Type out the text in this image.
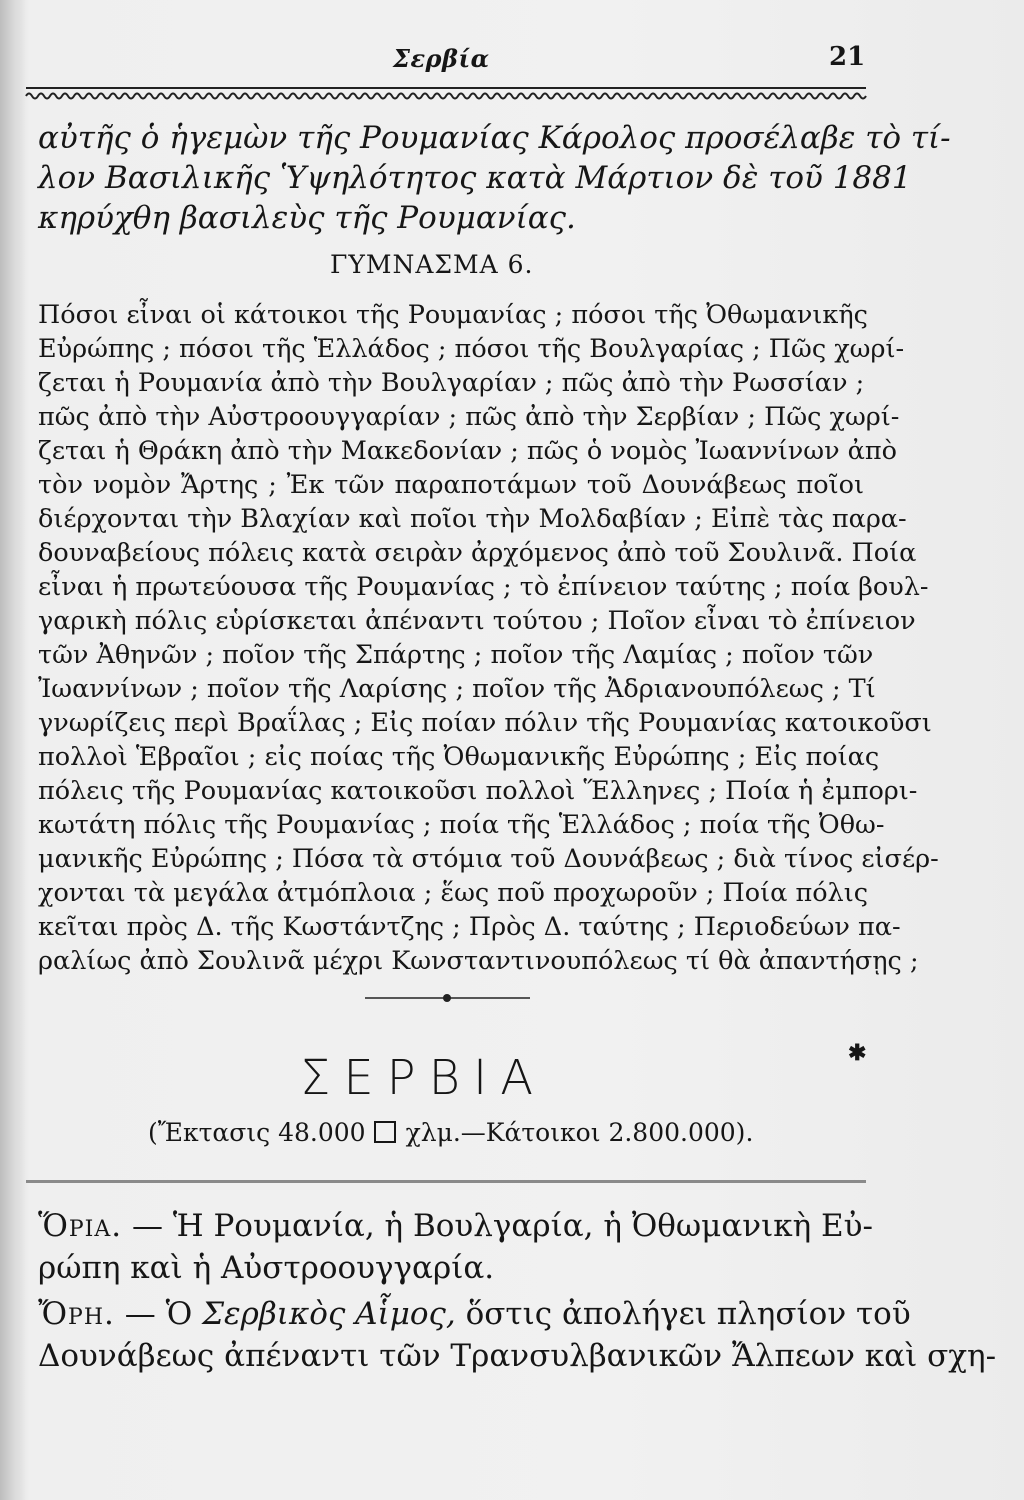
Σερβία	21
αὐτῆς ὁ ἡγεμὼν τῆς Ρουμανίας Κάρολος προσέλαβε τὸ τί-
λον Βασιλικῆς Ὑψηλότητος κατὰ Μάρτιον δὲ τοῦ 1881
κηρύχθη βασιλεὺς τῆς Ρουμανίας.
ΓΥΜΝΑΣΜΑ 6.
Πόσοι εἶναι οἱ κάτοικοι τῆς Ρουμανίας ; πόσοι τῆς Ὀθωμανικῆς
Εὐρώπης ; πόσοι τῆς Ἑλλάδος ; πόσοι τῆς Βουλγαρίας ; Πῶς χωρί-
ζεται ἡ Ρουμανία ἀπὸ τὴν Βουλγαρίαν ; πῶς ἀπὸ τὴν Ρωσσίαν ;
πῶς ἀπὸ τὴν Αὐστροουγγαρίαν ; πῶς ἀπὸ τὴν Σερβίαν ; Πῶς χωρί-
ζεται ἡ Θράκη ἀπὸ τὴν Μακεδονίαν ; πῶς ὁ νομὸς Ἰωαννίνων ἀπὸ
τὸν νομὸν Ἄρτης ; Ἐκ τῶν παραποτάμων τοῦ Δουνάβεως ποῖοι
διέρχονται τὴν Βλαχίαν καὶ ποῖοι τὴν Μολδαβίαν ; Εἰπὲ τὰς παρα-
δουναβείους πόλεις κατὰ σειρὰν ἀρχόμενος ἀπὸ τοῦ Σουλινᾶ. Ποία
εἶναι ἡ πρωτεύουσα τῆς Ρουμανίας ; τὸ ἐπίνειον ταύτης ; ποία βουλ-
γαρικὴ πόλις εὑρίσκεται ἀπέναντι τούτου ; Ποῖον εἶναι τὸ ἐπίνειον
τῶν Ἀθηνῶν ; ποῖον τῆς Σπάρτης ; ποῖον τῆς Λαμίας ; ποῖον τῶν
Ἰωαννίνων ; ποῖον τῆς Λαρίσης ; ποῖον τῆς Ἀδριανουπόλεως ; Τί
γνωρίζεις περὶ Βραΐλας ; Εἰς ποίαν πόλιν τῆς Ρουμανίας κατοικοῦσι
πολλοὶ Ἑβραῖοι ; εἰς ποίας τῆς Ὀθωμανικῆς Εὐρώπης ; Εἰς ποίας
πόλεις τῆς Ρουμανίας κατοικοῦσι πολλοὶ Ἕλληνες ; Ποία ἡ ἐμπορι-
κωτάτη πόλις τῆς Ρουμανίας ; ποία τῆς Ἑλλάδος ; ποία τῆς Ὀθω-
μανικῆς Εὐρώπης ; Πόσα τὰ στόμια τοῦ Δουνάβεως ; διὰ τίνος εἰσέρ-
χονται τὰ μεγάλα ἀτμόπλοια ; ἕως ποῦ προχωροῦν ; Ποία πόλις
κεῖται πρὸς Δ. τῆς Κωστάντζης ; Πρὸς Δ. ταύτης ; Περιοδεύων πα-
ραλίως ἀπὸ Σουλινᾶ μέχρι Κωνσταντινουπόλεως τί θὰ ἀπαντήσῃς ;
ΣΕΡΒΙΑ	✱
(Ἔκτασις 48.000 χλμ.—Κάτοικοι 2.800.000).
Ὅρια. — Ἡ Ρουμανία, ἡ Βουλγαρία, ἡ Ὀθωμανικὴ Εὐ-
ρώπη καὶ ἡ Αὐστροουγγαρία.
Ὄρη. — Ὁ Σερβικὸς Αἷμος, ὅστις ἀπολήγει πλησίον τοῦ
Δουνάβεως ἀπέναντι τῶν Τρανσυλβανικῶν Ἄλπεων καὶ σχη-
